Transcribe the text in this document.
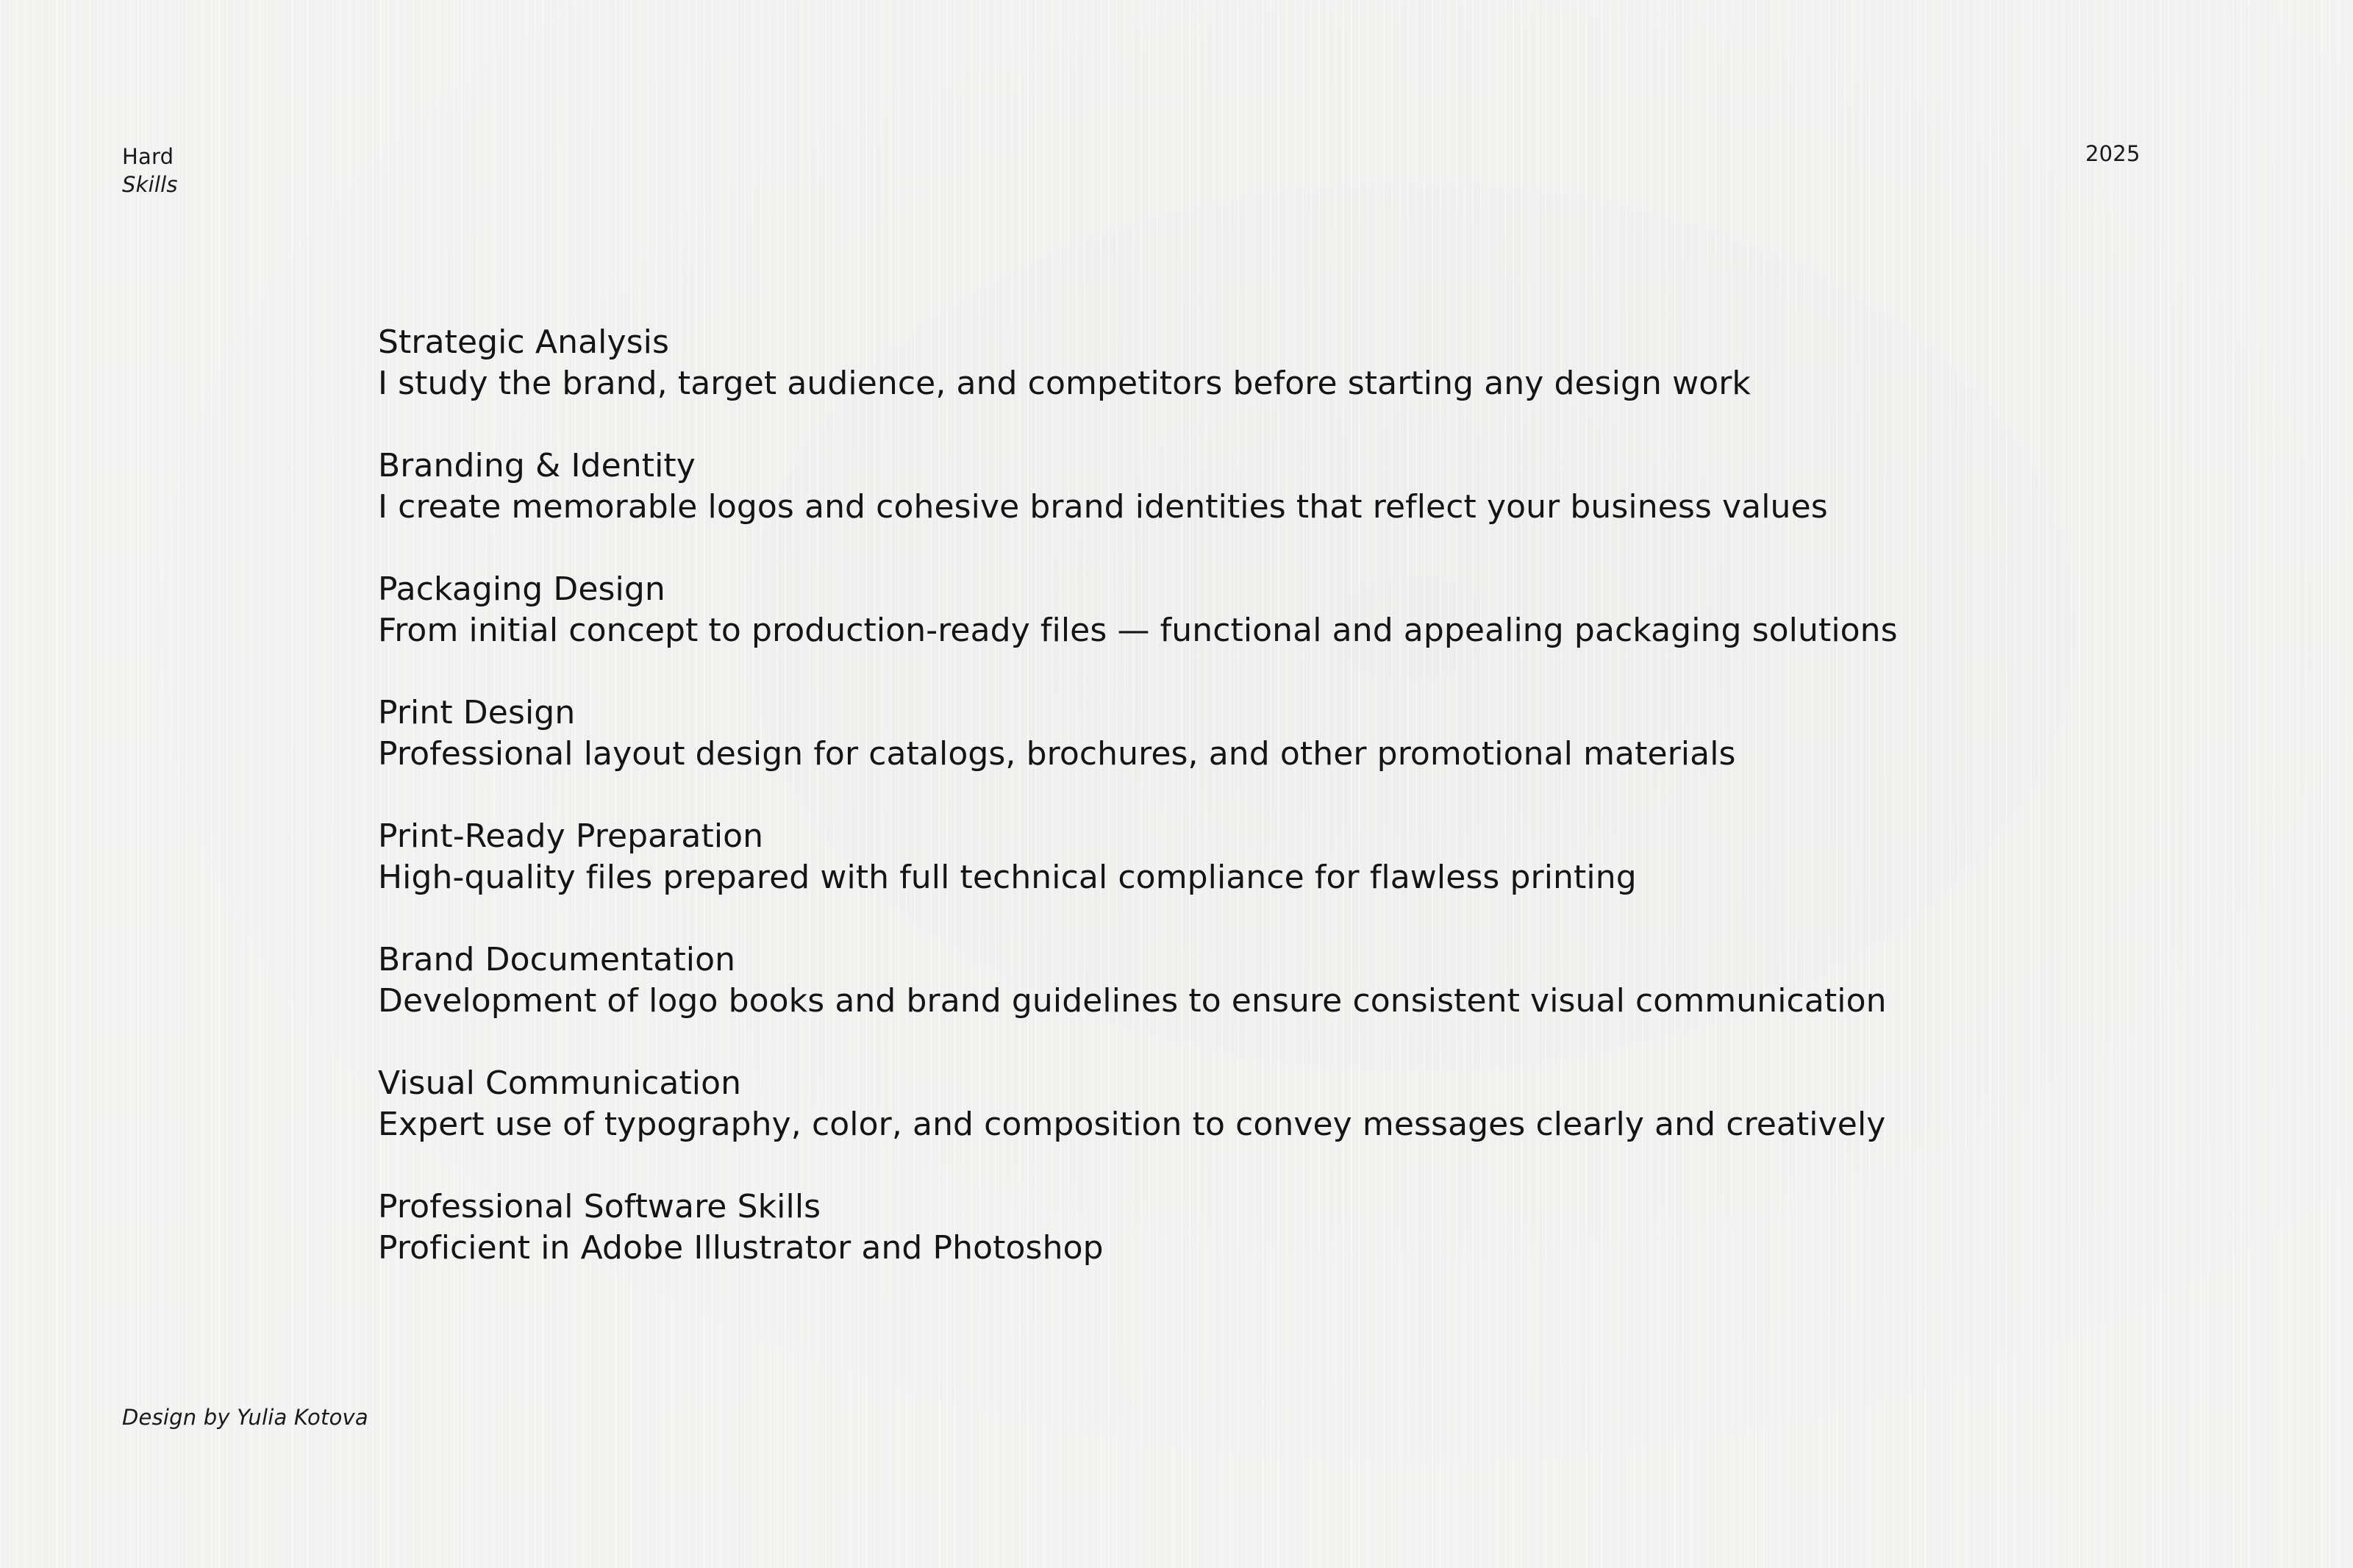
Hard
Skills
2025
Strategic Analysis
I study the brand, target audience, and competitors before starting any design work
Branding & Identity
I create memorable logos and cohesive brand identities that reflect your business values
Packaging Design
From initial concept to production-ready files — functional and appealing packaging solutions
Print Design
Professional layout design for catalogs, brochures, and other promotional materials
Print-Ready Preparation
High-quality files prepared with full technical compliance for flawless printing
Brand Documentation
Development of logo books and brand guidelines to ensure consistent visual communication
Visual Communication
Expert use of typography, color, and composition to convey messages clearly and creatively
Professional Software Skills
Proficient in Adobe Illustrator and Photoshop
Design by Yulia Kotova
